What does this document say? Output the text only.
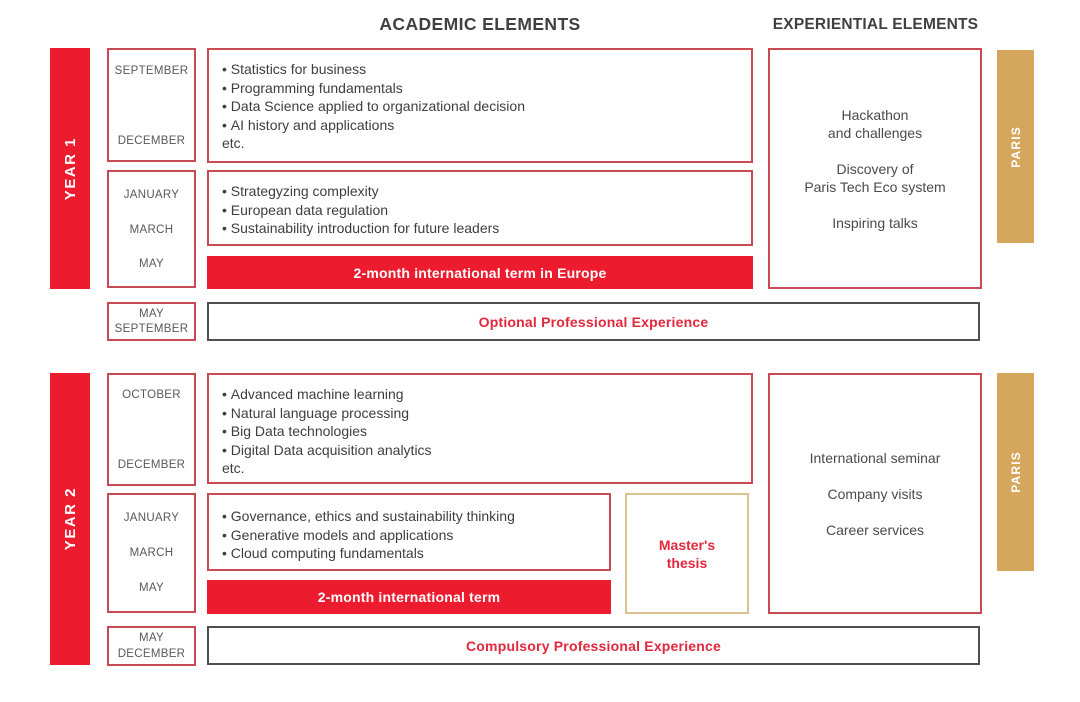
ACADEMIC ELEMENTS	EXPERIENTIAL ELEMENTS
YEAR 1
SEPTEMBER
DECEMBER
• Statistics for business
• Programming fundamentals
• Data Science applied to organizational decision
• AI history and applications
etc.
JANUARY
MARCH
MAY
• Strategyzing complexity
• European data regulation
• Sustainability introduction for future leaders
2-month international term in Europe
Hackathon
and challenges
Discovery of
Paris Tech Eco system
Inspiring talks
PARIS
MAY
SEPTEMBER	Optional Professional Experience
YEAR 2
OCTOBER
DECEMBER
• Advanced machine learning
• Natural language processing
• Big Data technologies
• Digital Data acquisition analytics
etc.
JANUARY
MARCH
MAY
• Governance, ethics and sustainability thinking
• Generative models and applications
• Cloud computing fundamentals
2-month international term
Master's thesis
International seminar
Company visits
Career services
PARIS
MAY
DECEMBER
Compulsory Professional Experience
